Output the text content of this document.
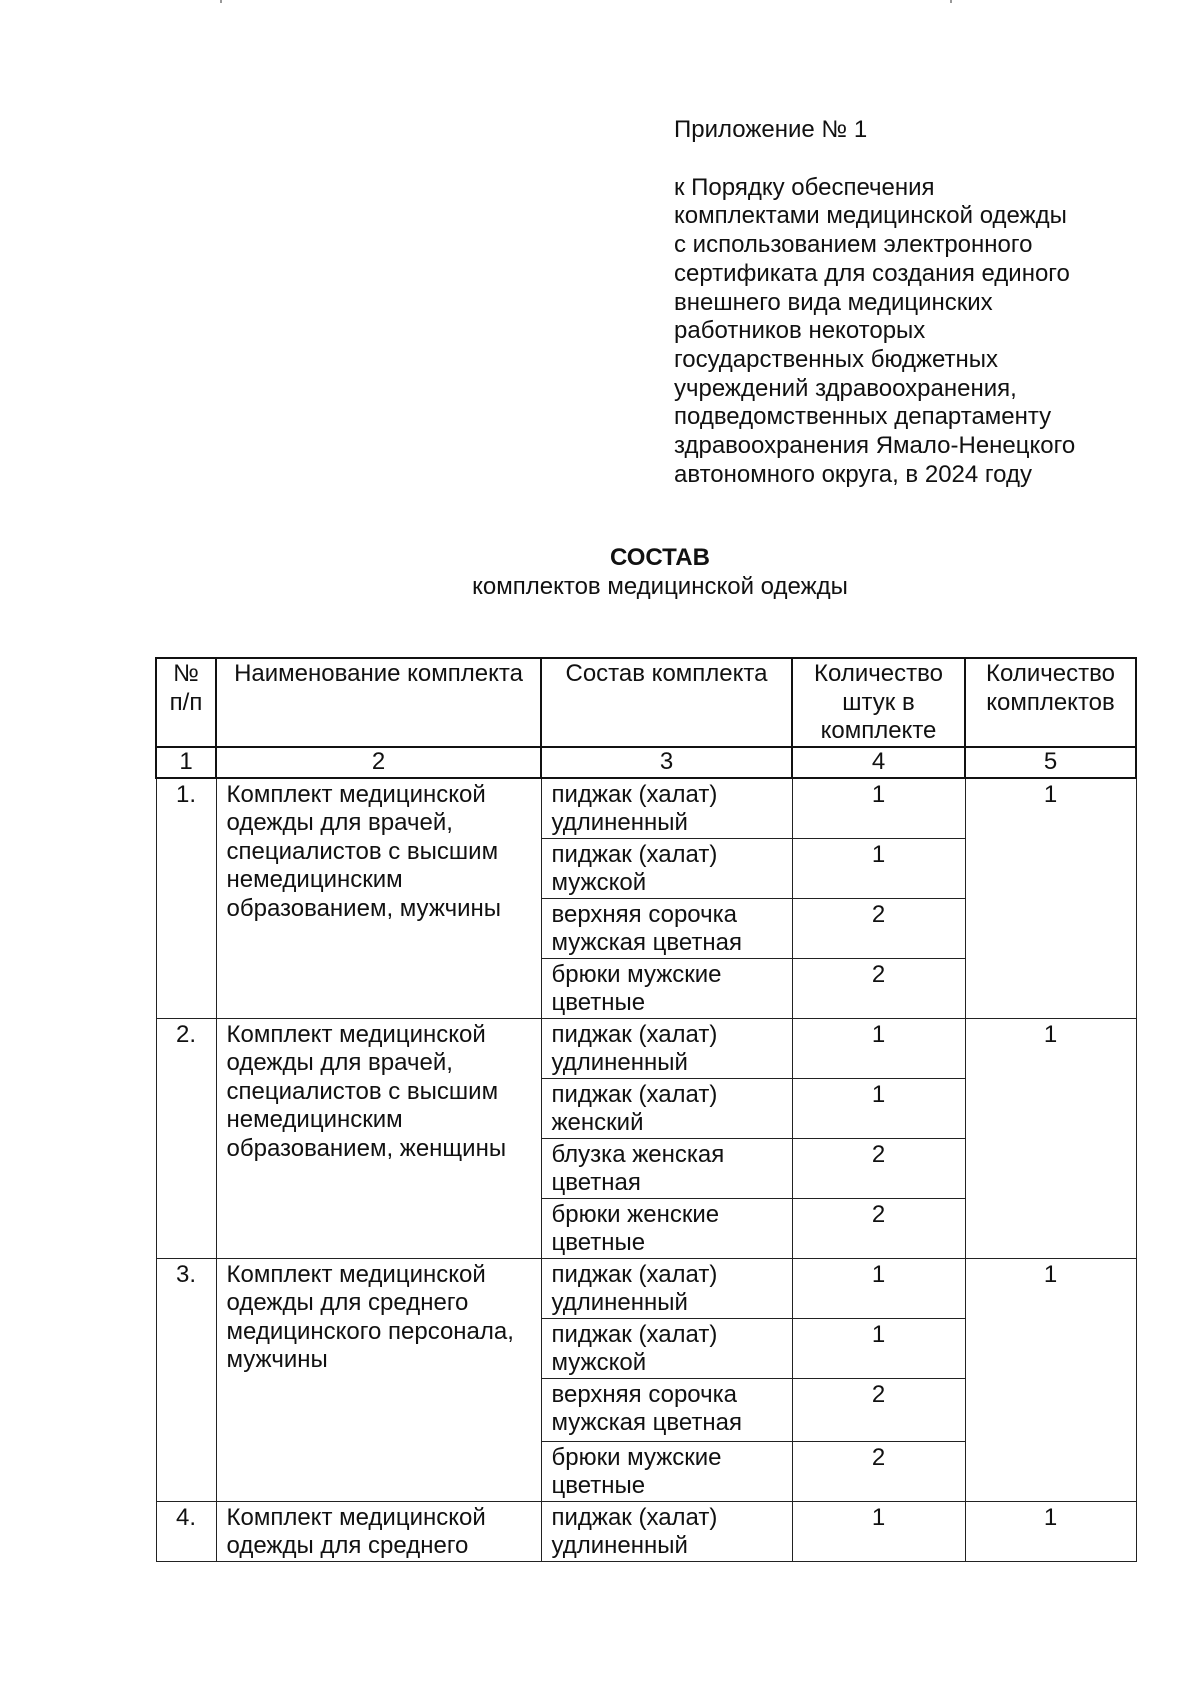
Приложение № 1
к Порядку обеспечения
комплектами медицинской одежды
с использованием электронного
сертификата для создания единого
внешнего вида медицинских
работников некоторых
государственных бюджетных
учреждений здравоохранения,
подведомственных департаменту
здравоохранения Ямало-Ненецкого
автономного округа, в 2024 году
СОСТАВ
комплектов медицинской одежды
№ п/п	Наименование комплекта	Состав комплекта	Количество штук в комплекте	Количество комплектов
1	2	3	4	5
1.	Комплект медицинской одежды для врачей, специалистов с высшим немедицинским образованием, мужчины	пиджак (халат) удлиненный	1	1
		пиджак (халат) мужской	1	
		верхняя сорочка мужская цветная	2	
		брюки мужские цветные	2	
2.	Комплект медицинской одежды для врачей, специалистов с высшим немедицинским образованием, женщины	пиджак (халат) удлиненный	1	1
		пиджак (халат) женский	1	
		блузка женская цветная	2	
		брюки женские цветные	2	
3.	Комплект медицинской одежды для среднего медицинского персонала, мужчины	пиджак (халат) удлиненный	1	1
		пиджак (халат) мужской	1	
		верхняя сорочка мужская цветная	2	
		брюки мужские цветные	2	
4.	Комплект медицинской одежды для среднего	пиджак (халат) удлиненный	1	1
